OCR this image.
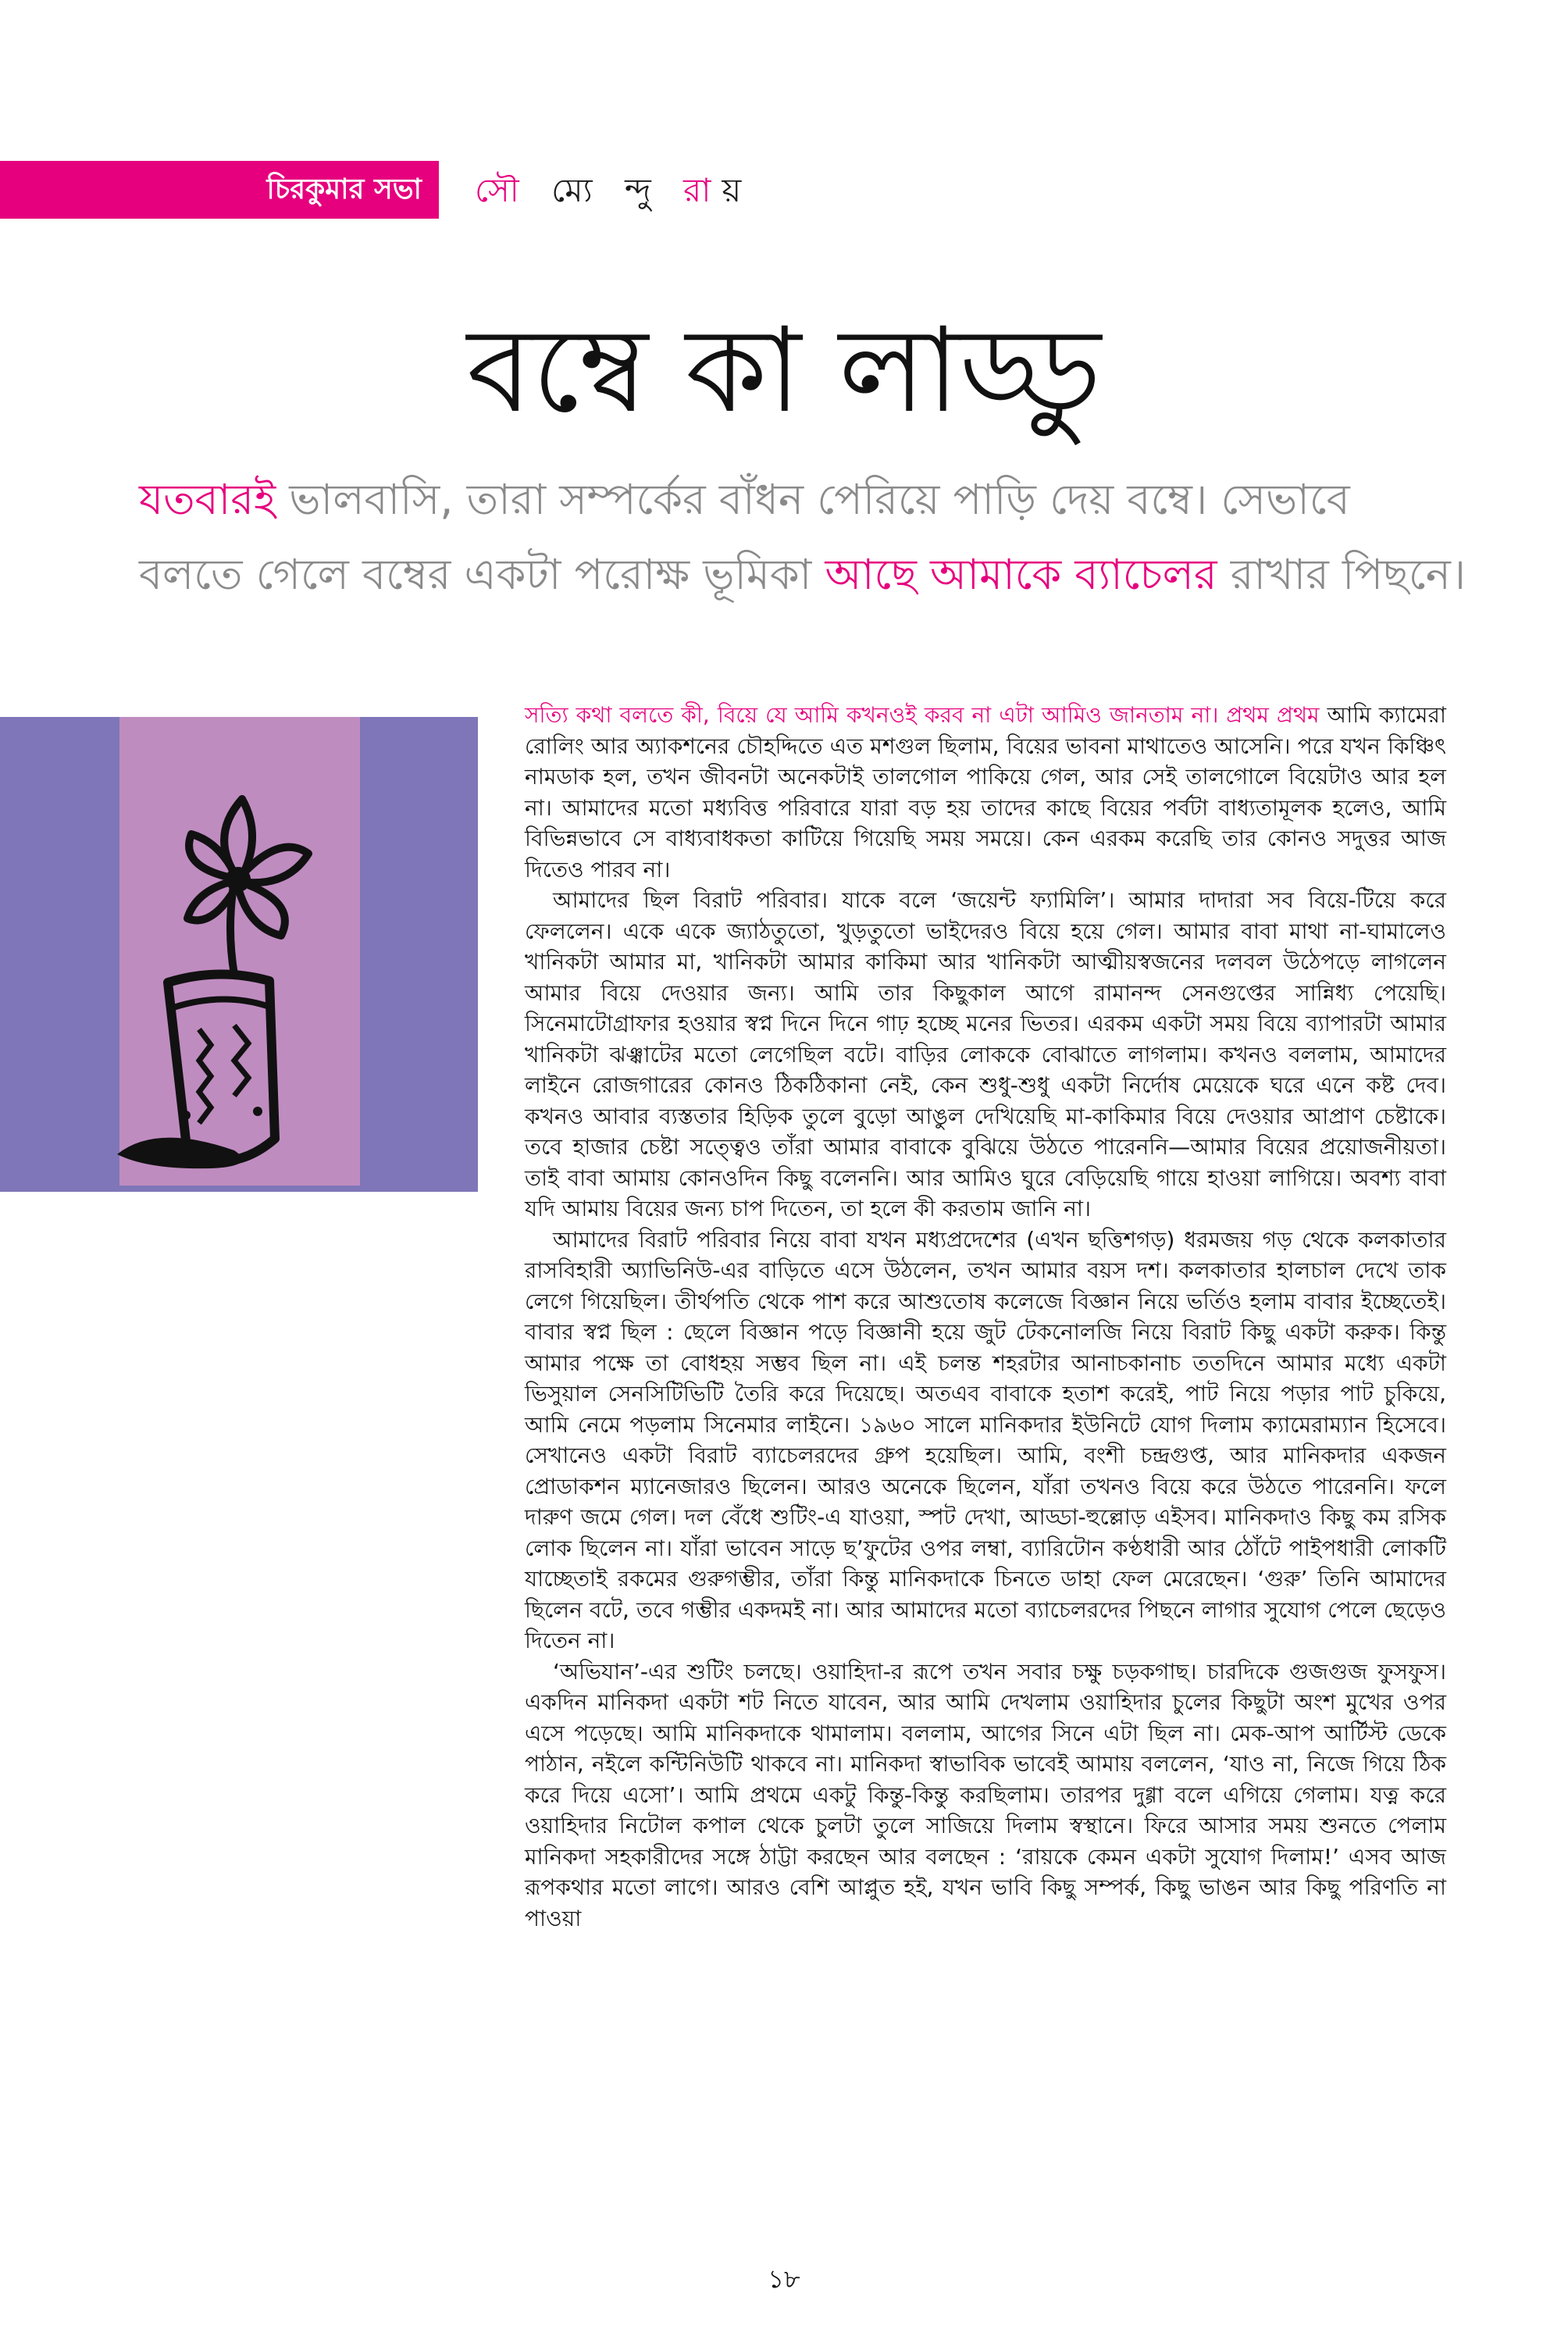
চিরকুমার সভা	সৌ ম্যে ন্দু রায়
বম্বে কা লাড্ডু
যতবারই ভালবাসি, তারা সম্পর্কের বাঁধন পেরিয়ে পাড়ি দেয় বম্বে। সেভাবে বলতে গেলে বম্বের একটা পরোক্ষ ভূমিকা আছে আমাকে ব্যাচেলর রাখার পিছনে।

সত্যি কথা বলতে কী, বিয়ে যে আমি কখনওই করব না এটা আমিও জানতাম না। প্রথম প্রথম আমি ক্যামেরা রোলিং আর অ্যাকশনের চৌহদ্দিতে এত মশগুল ছিলাম, বিয়ের ভাবনা মাথাতেও আসেনি। পরে যখন কিঞ্চিৎ নামডাক হল, তখন জীবনটা অনেকটাই তালগোল পাকিয়ে গেল, আর সেই তালগোলে বিয়েটাও আর হল না। আমাদের মতো মধ্যবিত্ত পরিবারে যারা বড় হয় তাদের কাছে বিয়ের পর্বটা বাধ্যতামূলক হলেও, আমি বিভিন্নভাবে সে বাধ্যবাধকতা কাটিয়ে গিয়েছি সময় সময়ে। কেন এরকম করেছি তার কোনও সদুত্তর আজ দিতেও পারব না।

আমাদের ছিল বিরাট পরিবার। যাকে বলে ‘জয়েন্ট ফ্যামিলি’। আমার দাদারা সব বিয়ে-টিয়ে করে ফেললেন। একে একে জ্যাঠতুতো, খুড়তুতো ভাইদেরও বিয়ে হয়ে গেল। আমার বাবা মাথা না-ঘামালেও খানিকটা আমার মা, খানিকটা আমার কাকিমা আর খানিকটা আত্মীয়স্বজনের দলবল উঠেপড়ে লাগলেন আমার বিয়ে দেওয়ার জন্য। আমি তার কিছুকাল আগে রামানন্দ সেনগুপ্তের সান্নিধ্য পেয়েছি। সিনেমাটোগ্রাফার হওয়ার স্বপ্ন দিনে দিনে গাঢ় হচ্ছে মনের ভিতর। এরকম একটা সময় বিয়ে ব্যাপারটা আমার খানিকটা ঝঞ্ঝাটের মতো লেগেছিল বটে। বাড়ির লোককে বোঝাতে লাগলাম। কখনও বললাম, আমাদের লাইনে রোজগারের কোনও ঠিকঠিকানা নেই, কেন শুধু-শুধু একটা নির্দোষ মেয়েকে ঘরে এনে কষ্ট দেব। কখনও আবার ব্যস্ততার হিড়িক তুলে বুড়ো আঙুল দেখিয়েছি মা-কাকিমার বিয়ে দেওয়ার আপ্রাণ চেষ্টাকে। তবে হাজার চেষ্টা সত্ত্বেও তাঁরা আমার বাবাকে বুঝিয়ে উঠতে পারেননি—আমার বিয়ের প্রয়োজনীয়তা। তাই বাবা আমায় কোনওদিন কিছু বলেননি। আর আমিও ঘুরে বেড়িয়েছি গায়ে হাওয়া লাগিয়ে। অবশ্য বাবা যদি আমায় বিয়ের জন্য চাপ দিতেন, তা হলে কী করতাম জানি না।

আমাদের বিরাট পরিবার নিয়ে বাবা যখন মধ্যপ্রদেশের (এখন ছত্তিশগড়) ধরমজয় গড় থেকে কলকাতার রাসবিহারী অ্যাভিনিউ-এর বাড়িতে এসে উঠলেন, তখন আমার বয়স দশ। কলকাতার হালচাল দেখে তাক লেগে গিয়েছিল। তীর্থপতি থেকে পাশ করে আশুতোষ কলেজে বিজ্ঞান নিয়ে ভর্তিও হলাম বাবার ইচ্ছেতেই। বাবার স্বপ্ন ছিল : ছেলে বিজ্ঞান পড়ে বিজ্ঞানী হয়ে জুট টেকনোলজি নিয়ে বিরাট কিছু একটা করুক। কিন্তু আমার পক্ষে তা বোধহয় সম্ভব ছিল না। এই চলন্ত শহরটার আনাচকানাচ ততদিনে আমার মধ্যে একটা ভিসুয়াল সেনসিটিভিটি তৈরি করে দিয়েছে। অতএব বাবাকে হতাশ করেই, পাট নিয়ে পড়ার পাট চুকিয়ে, আমি নেমে পড়লাম সিনেমার লাইনে। ১৯৬০ সালে মানিকদার ইউনিটে যোগ দিলাম ক্যামেরাম্যান হিসেবে। সেখানেও একটা বিরাট ব্যাচেলরদের গ্রুপ হয়েছিল। আমি, বংশী চন্দ্রগুপ্ত, আর মানিকদার একজন প্রোডাকশন ম্যানেজারও ছিলেন। আরও অনেকে ছিলেন, যাঁরা তখনও বিয়ে করে উঠতে পারেননি। ফলে দারুণ জমে গেল। দল বেঁধে শুটিং-এ যাওয়া, স্পট দেখা, আড্ডা-হুল্লোড় এইসব। মানিকদাও কিছু কম রসিক লোক ছিলেন না। যাঁরা ভাবেন সাড়ে ছ’ফুটের ওপর লম্বা, ব্যারিটোন কণ্ঠধারী আর ঠোঁটে পাইপধারী লোকটি যাচ্ছেতাই রকমের গুরুগম্ভীর, তাঁরা কিন্তু মানিকদাকে চিনতে ডাহা ফেল মেরেছেন। ‘গুরু’ তিনি আমাদের ছিলেন বটে, তবে গম্ভীর একদমই না। আর আমাদের মতো ব্যাচেলরদের পিছনে লাগার সুযোগ পেলে ছেড়েও দিতেন না।

‘অভিযান’-এর শুটিং চলছে। ওয়াহিদা-র রূপে তখন সবার চক্ষু চড়কগাছ। চারদিকে গুজগুজ ফুসফুস। একদিন মানিকদা একটা শট নিতে যাবেন, আর আমি দেখলাম ওয়াহিদার চুলের কিছুটা অংশ মুখের ওপর এসে পড়েছে। আমি মানিকদাকে থামালাম। বললাম, আগের সিনে এটা ছিল না। মেক-আপ আর্টিস্ট ডেকে পাঠান, নইলে কন্টিনিউটি থাকবে না। মানিকদা স্বাভাবিক ভাবেই আমায় বললেন, ‘যাও না, নিজে গিয়ে ঠিক করে দিয়ে এসো’। আমি প্রথমে একটু কিন্তু-কিন্তু করছিলাম। তারপর দুগ্গা বলে এগিয়ে গেলাম। যত্ন করে ওয়াহিদার নিটোল কপাল থেকে চুলটা তুলে সাজিয়ে দিলাম স্বস্থানে। ফিরে আসার সময় শুনতে পেলাম মানিকদা সহকারীদের সঙ্গে ঠাট্টা করছেন আর বলছেন : ‘রায়কে কেমন একটা সুযোগ দিলাম!’ এসব আজ রূপকথার মতো লাগে। আরও বেশি আপ্লুত হই, যখন ভাবি কিছু সম্পর্ক, কিছু ভাঙন আর কিছু পরিণতি না পাওয়া

১৮
